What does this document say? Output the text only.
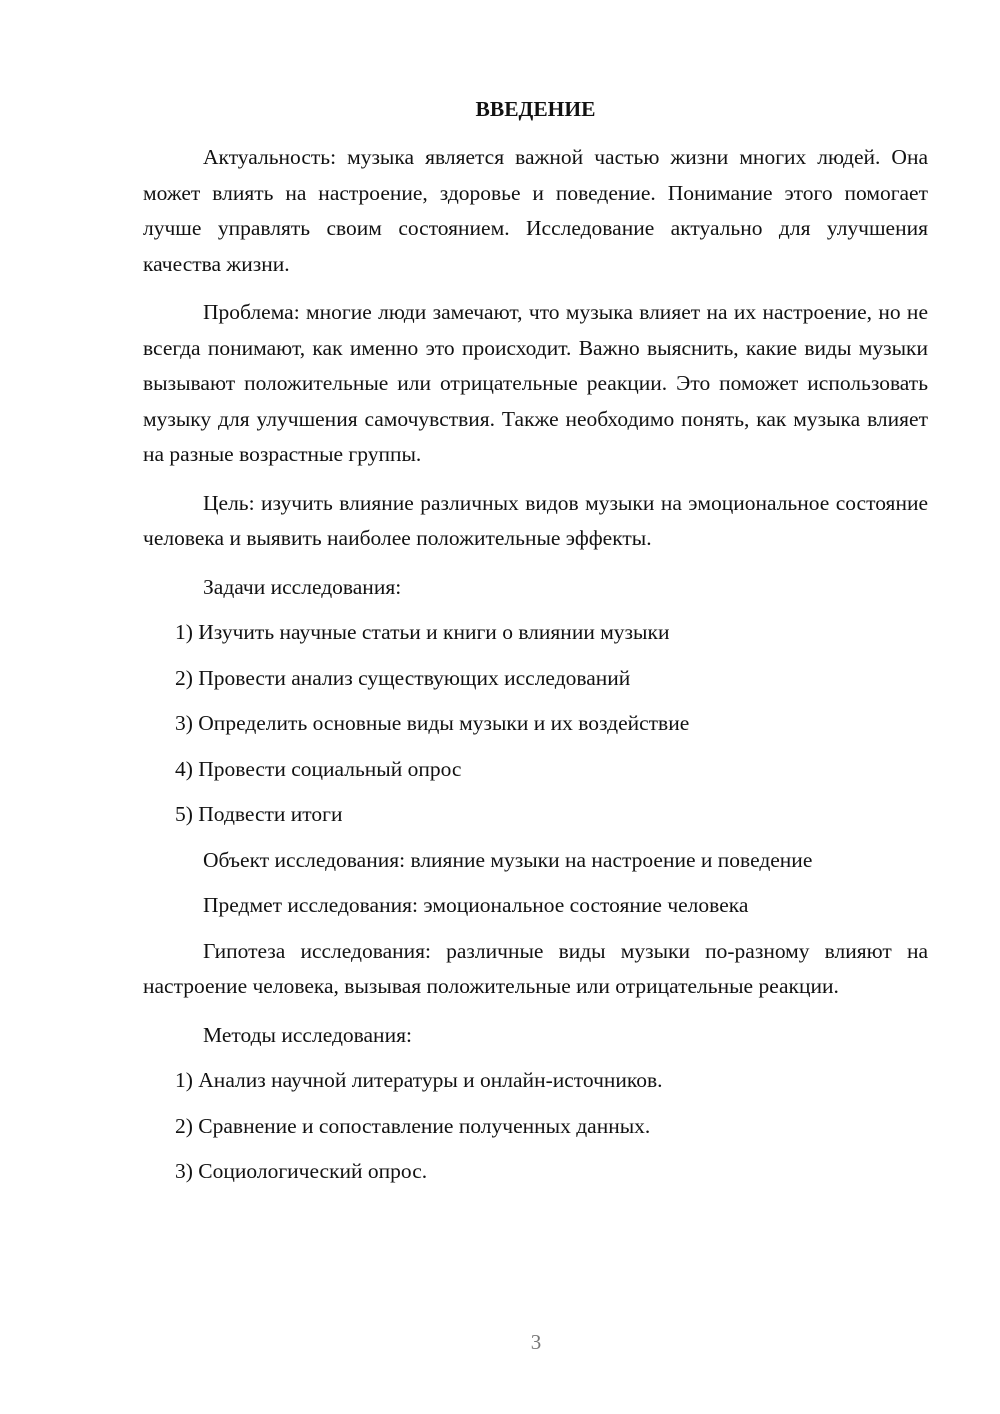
ВВЕДЕНИЕ

Актуальность: музыка является важной частью жизни многих людей. Она может влиять на настроение, здоровье и поведение. Понимание этого помогает лучше управлять своим состоянием. Исследование актуально для улучшения качества жизни.

Проблема: многие люди замечают, что музыка влияет на их настроение, но не всегда понимают, как именно это происходит. Важно выяснить, какие виды музыки вызывают положительные или отрицательные реакции. Это поможет использовать музыку для улучшения самочувствия. Также необходимо понять, как музыка влияет на разные возрастные группы.

Цель: изучить влияние различных видов музыки на эмоциональное состояние человека и выявить наиболее положительные эффекты.

Задачи исследования:

1) Изучить научные статьи и книги о влиянии музыки

2) Провести анализ существующих исследований

3) Определить основные виды музыки и их воздействие

4) Провести социальный опрос

5) Подвести итоги

Объект исследования: влияние музыки на настроение и поведение

Предмет исследования: эмоциональное состояние человека

Гипотеза исследования: различные виды музыки по-разному влияют на настроение человека, вызывая положительные или отрицательные реакции.

Методы исследования:

1) Анализ научной литературы и онлайн-источников.

2) Сравнение и сопоставление полученных данных.

3) Социологический опрос.

3
